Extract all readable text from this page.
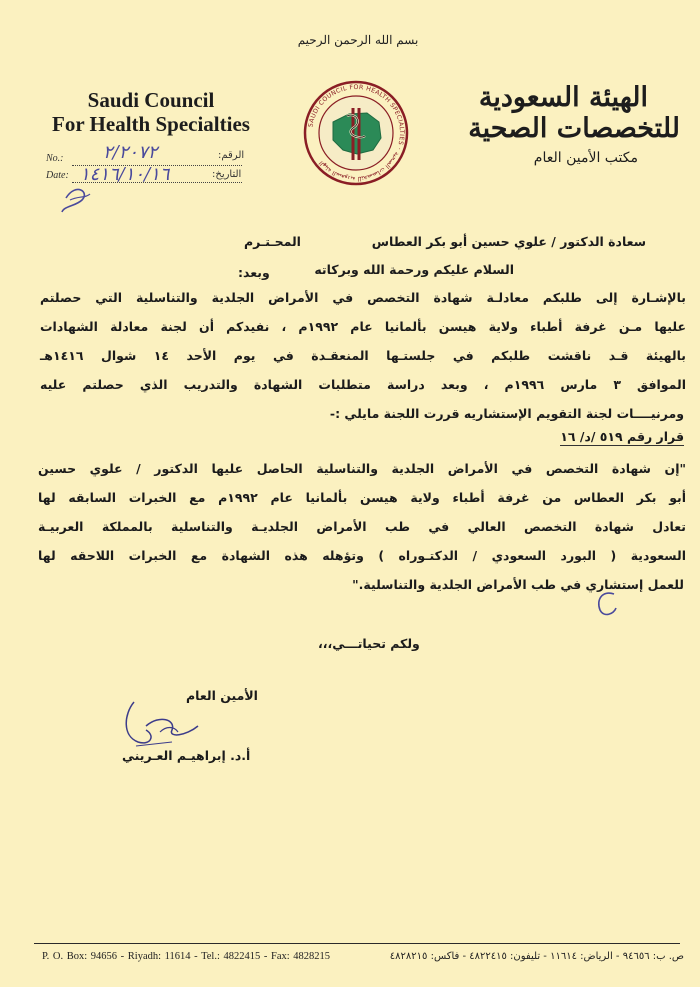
بسم الله الرحمن الرحيم
Saudi Council
For Health Specialties
الهيئة السعودية
للتخصصات الصحية
مكتب الأمين العام
SAUDI COUNCIL FOR HEALTH SPECIALTIES · الهيئة السعودية للتخصصات الصحية
No.:	الرقم:
٢/٢٠٧٢
Date:	التاريخ:
١٤١٦/١٠/١٦
سعادة الدكتور / علوي حسين أبو بكر العطاس
المحـتـرم
السلام عليكم ورحمة الله وبركاته
وبعد:
بالإشـارة إلى طلبكم معادلـة شهادة التخصص في الأمراض الجلدية والتناسلية التي حصلتم
عليها مـن غرفة أطباء ولاية هيسن بألمانيا عام ١٩٩٢م ، نفيدكم أن لجنة معادلة الشهادات
بالهيئة قـد ناقشت طلبكم في جلستـها المنعقـدة في يوم الأحد ١٤ شوال ١٤١٦هـ
الموافق ٣ مارس ١٩٩٦م ، وبعد دراسة متطلبات الشهادة والتدريب الذي حصلتم عليه
ومرنيــــات لجنة التقويم الإستشاريه قررت اللجنة مايلي :-
قرار رقم ٥١٩ /د/ ١٦
"إن شهادة التخصص في الأمراض الجلدية والتناسلية الحاصل عليها الدكتور / علوي حسين
أبو بكر العطاس من غرفة أطباء ولاية هيسن بألمانيا عام ١٩٩٢م مع الخبرات السابقه لها
تعادل شهادة التخصص العالي في طب الأمراض الجلديـة والتناسلية بالمملكة العربيـة
السعودية ( البورد السعودي / الدكتـوراه ) وتؤهله هذه الشهادة مع الخبرات اللاحقه لها
للعمل إستشاري في طب الأمراض الجلدية والتناسلية."
ولكم تحياتـــي،،،
الأمين العام
أ.د. إبراهيـم العـريني
P. O. Box: 94656 - Riyadh: 11614 - Tel.: 4822415 - Fax: 4828215	ص. ب: ٩٤٦٥٦ - الرياض: ١١٦١٤ - تليفون: ٤٨٢٢٤١٥ - فاكس: ٤٨٢٨٢١٥
